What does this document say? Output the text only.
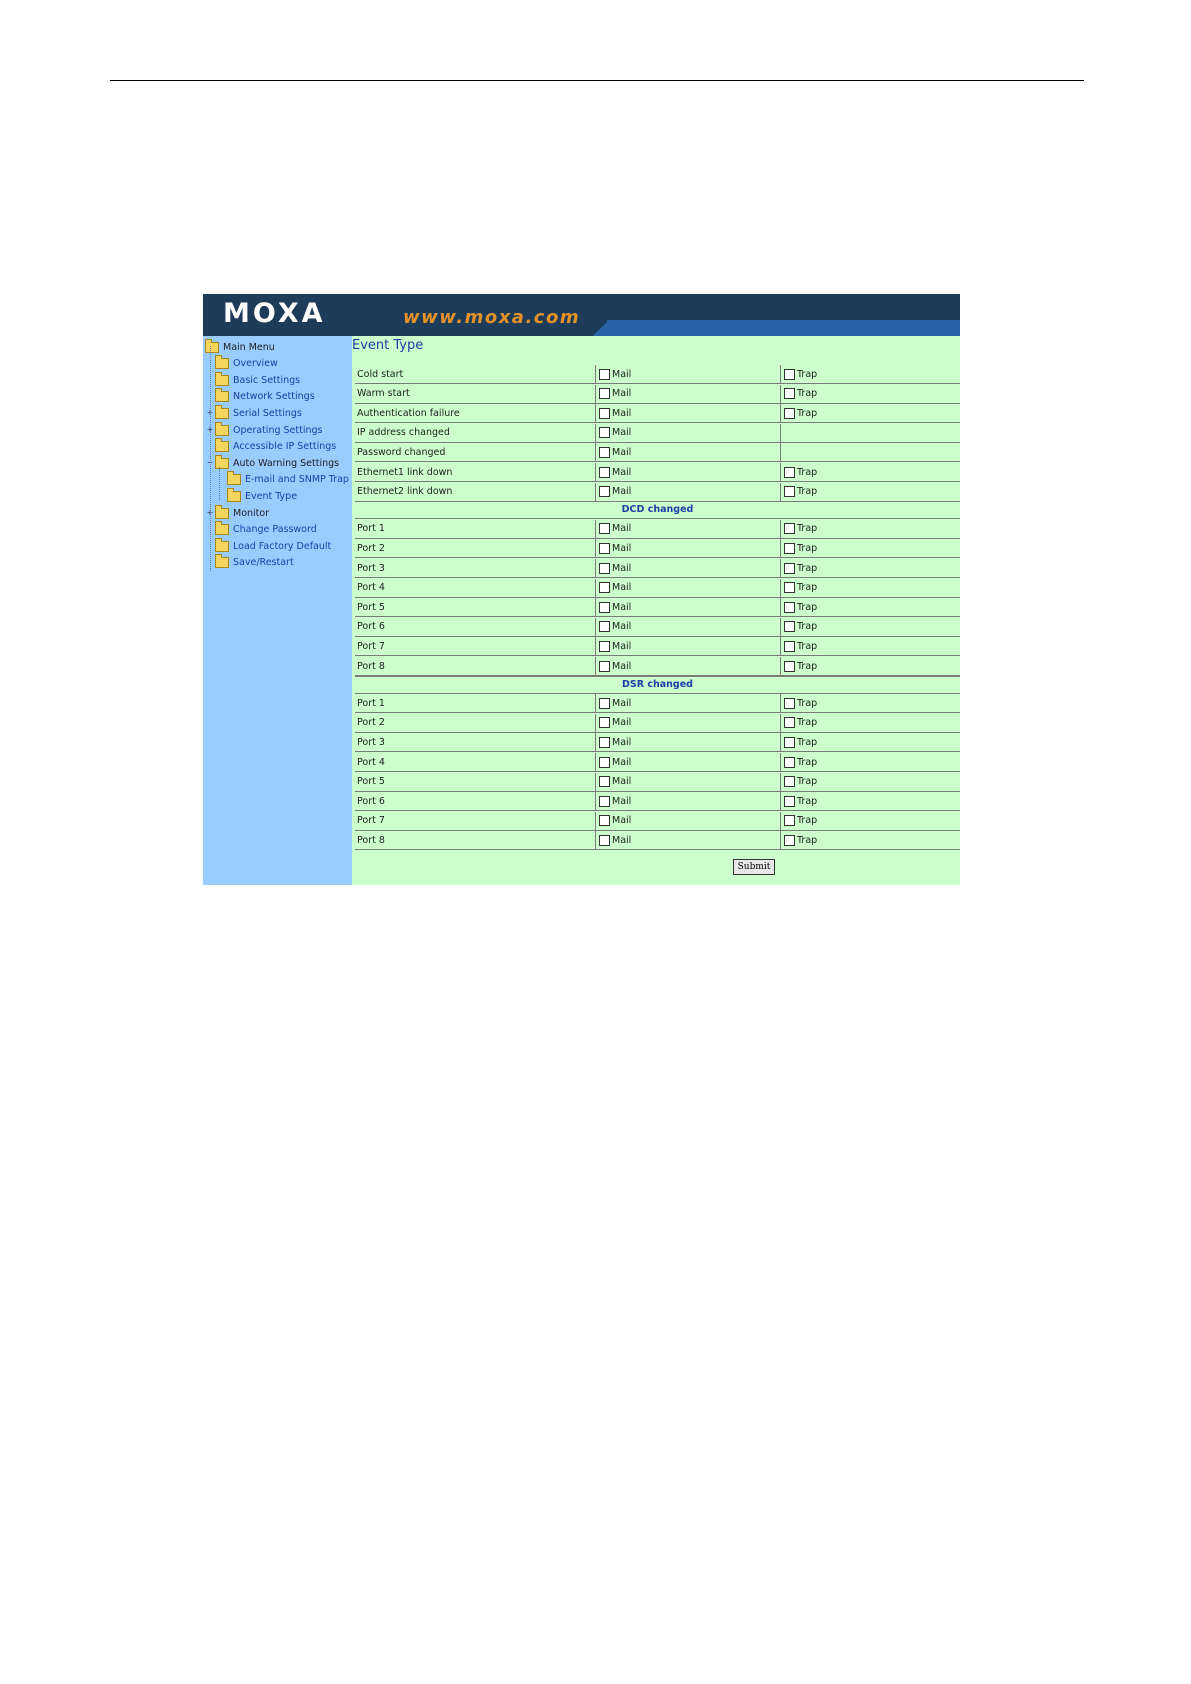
MOXA	www.moxa.com
Main Menu
Overview
Basic Settings
Network Settings
+ Serial Settings
+ Operating Settings
Accessible IP Settings
− Auto Warning Settings
E-mail and SNMP Trap
Event Type
+ Monitor
Change Password
Load Factory Default
Save/Restart
Event Type
Cold start	Mail	Trap
Warm start	Mail	Trap
Authentication failure	Mail	Trap
IP address changed	Mail
Password changed	Mail
Ethernet1 link down	Mail	Trap
Ethernet2 link down	Mail	Trap
DCD changed
Port 1	Mail	Trap
Port 2	Mail	Trap
Port 3	Mail	Trap
Port 4	Mail	Trap
Port 5	Mail	Trap
Port 6	Mail	Trap
Port 7	Mail	Trap
Port 8	Mail	Trap
DSR changed
Port 1	Mail	Trap
Port 2	Mail	Trap
Port 3	Mail	Trap
Port 4	Mail	Trap
Port 5	Mail	Trap
Port 6	Mail	Trap
Port 7	Mail	Trap
Port 8	Mail	Trap
Submit
